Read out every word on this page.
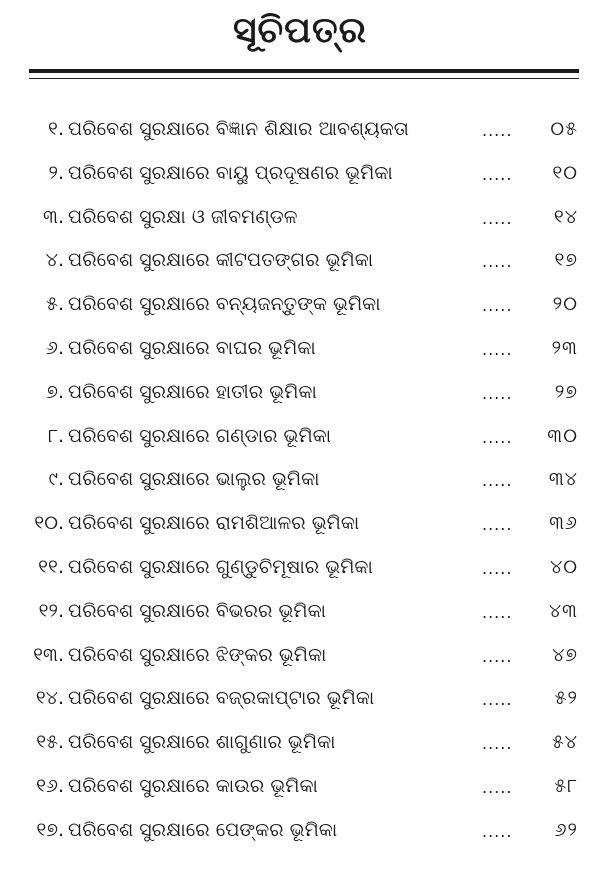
ସୂଚିପତ୍ର
୧. ପରିବେଶ ସୁରକ୍ଷାରେ ବିଜ୍ଞାନ ଶିକ୍ଷାର ଆବଶ୍ୟକତା	.....	୦୫
୨. ପରିବେଶ ସୁରକ୍ଷାରେ ବାୟୁ ପ୍ରଦୂଷଣର ଭୂମିକା	.....	୧୦
୩. ପରିବେଶ ସୁରକ୍ଷା ଓ ଜୀବମଣ୍ଡଳ	.....	୧୪
୪. ପରିବେଶ ସୁରକ୍ଷାରେ କୀଟପତଙ୍ଗର ଭୂମିକା	.....	୧୭
୫. ପରିବେଶ ସୁରକ୍ଷାରେ ବନ୍ୟଜନ୍ତୁଙ୍କ ଭୂମିକା	.....	୨୦
୬. ପରିବେଶ ସୁରକ୍ଷାରେ ବାଘର ଭୂମିକା	.....	୨୩
୭. ପରିବେଶ ସୁରକ୍ଷାରେ ହାତୀର ଭୂମିକା	.....	୨୭
୮. ପରିବେଶ ସୁରକ୍ଷାରେ ଗଣ୍ଡାର ଭୂମିକା	.....	୩୦
୯. ପରିବେଶ ସୁରକ୍ଷାରେ ଭାଲୁର ଭୂମିକା	.....	୩୪
୧୦. ପରିବେଶ ସୁରକ୍ଷାରେ ରାମଶିଆଳର ଭୂମିକା	.....	୩୬
୧୧. ପରିବେଶ ସୁରକ୍ଷାରେ ଗୁଣ୍ଡୁଚିମୂଷାର ଭୂମିକା	.....	୪୦
୧୨. ପରିବେଶ ସୁରକ୍ଷାରେ ବିଭରର ଭୂମିକା	.....	୪୩
୧୩. ପରିବେଶ ସୁରକ୍ଷାରେ ଝିଙ୍କର ଭୂମିକା	.....	୪୭
୧୪. ପରିବେଶ ସୁରକ୍ଷାରେ ବଜ୍ରକାପ୍ଟାର ଭୂମିକା	.....	୫୨
୧୫. ପରିବେଶ ସୁରକ୍ଷାରେ ଶାଗୁଣାର ଭୂମିକା	.....	୫୪
୧୬. ପରିବେଶ ସୁରକ୍ଷାରେ କାଉର ଭୂମିକା	.....	୫୮
୧୭. ପରିବେଶ ସୁରକ୍ଷାରେ ପେଙ୍କର ଭୂମିକା	.....	୬୨
